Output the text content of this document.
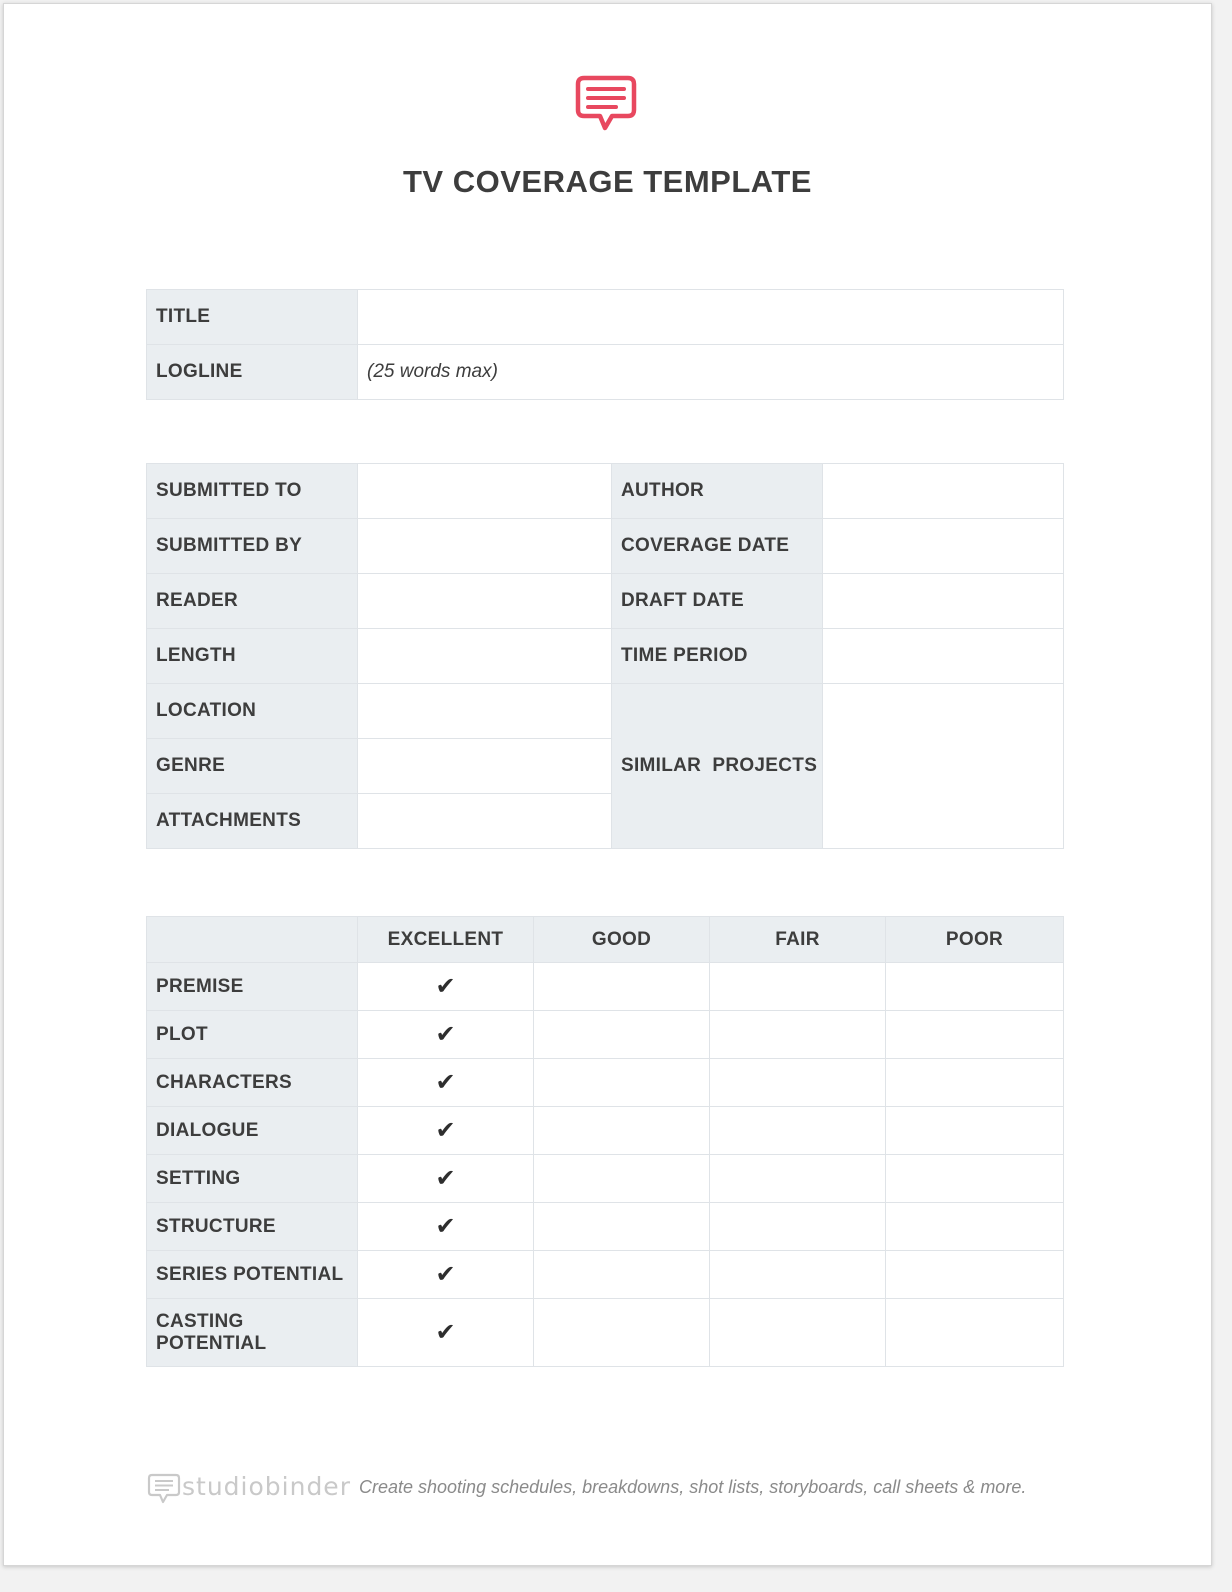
TV COVERAGE TEMPLATE
TITLE	
LOGLINE	(25 words max)
SUBMITTED TO		AUTHOR	
SUBMITTED BY		COVERAGE DATE	
READER		DRAFT DATE	
LENGTH		TIME PERIOD	
LOCATION		SIMILAR  PROJECTS	
GENRE			
ATTACHMENTS			
	EXCELLENT	GOOD	FAIR	POOR
PREMISE	✔			
PLOT	✔			
CHARACTERS	✔			
DIALOGUE	✔			
SETTING	✔			
STRUCTURE	✔			
SERIES POTENTIAL	✔			
CASTING POTENTIAL	✔			
studiobinder Create shooting schedules, breakdowns, shot lists, storyboards, call sheets & more.
